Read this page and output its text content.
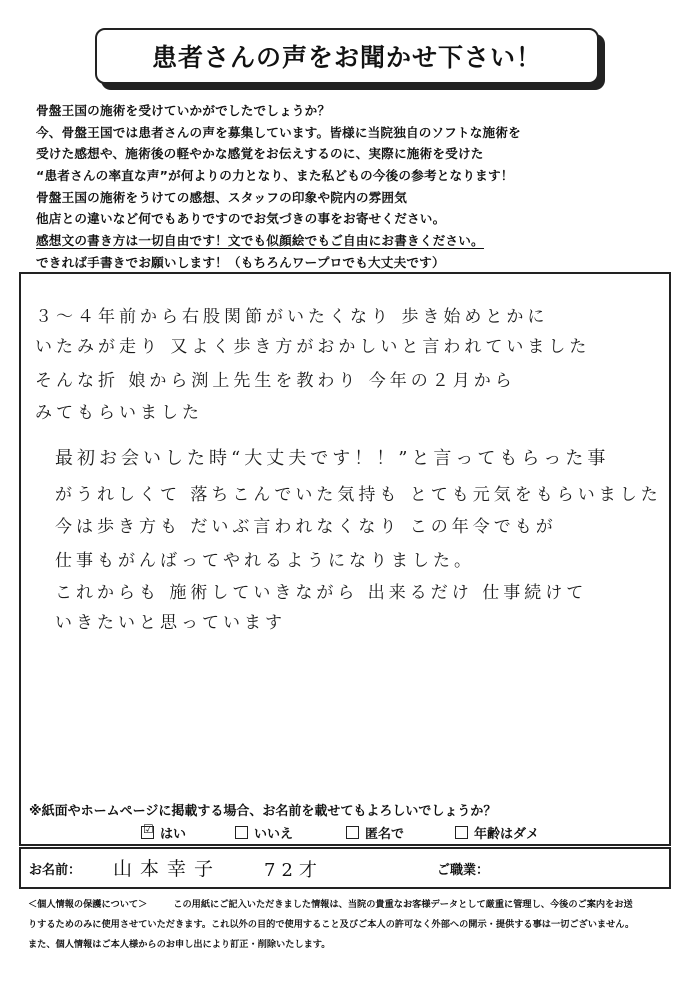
患者さんの声をお聞かせ下さい！
骨盤王国の施術を受けていかがでしたでしょうか？
今、骨盤王国では患者さんの声を募集しています。皆様に当院独自のソフトな施術を
受けた感想や、施術後の軽やかな感覚をお伝えするのに、実際に施術を受けた
“患者さんの率直な声”が何よりの力となり、また私どもの今後の参考となります！
骨盤王国の施術をうけての感想、スタッフの印象や院内の雰囲気
他店との違いなど何でもありですのでお気づきの事をお寄せください。
感想文の書き方は一切自由です！文でも似顔絵でもご自由にお書きください。
できれば手書きでお願いします！（もちろんワープロでも大丈夫です）
３～４年前から右股関節がいたくなり 歩き始めとかに
いたみが走り 又よく歩き方がおかしいと言われていました
そんな折 娘から渕上先生を教わり 今年の２月から
みてもらいました
最初お会いした時“大丈夫です！！”と言ってもらった事
がうれしくて 落ちこんでいた気持も とても元気をもらいました
今は歩き方も だいぶ言われなくなり この年令でもが
仕事もがんばってやれるようになりました。
これからも 施術していきながら 出来るだけ 仕事続けて
いきたいと思っています
※紙面やホームページに掲載する場合、お名前を載せてもよろしいでしょうか？
☑ はい	いいえ	匿名で	年齢はダメ
お名前： 山本幸子 72才	ご職業：
＜個人情報の保護について＞	この用紙にご記入いただきました情報は、当院の貴重なお客様データとして厳重に管理し、今後のご案内をお送
りするためのみに使用させていただきます。これ以外の目的で使用すること及びご本人の許可なく外部への開示・提供する事は一切ございません。
また、個人情報はご本人様からのお申し出により訂正・削除いたします。
